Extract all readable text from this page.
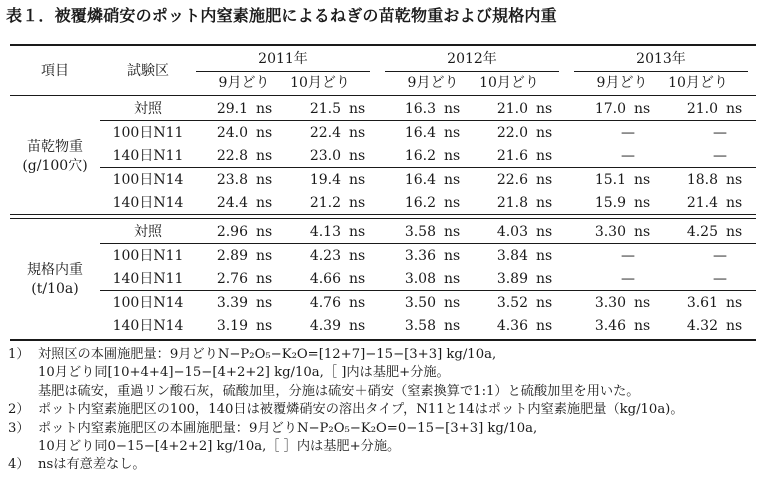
表１．被覆燐硝安のポット内窒素施肥によるねぎの苗乾物重および規格内重
項目	試験区
2011年	2012年	2013年
9月どり	10月どり	9月どり	10月どり	9月どり	10月どり
苗乾物重
(g/100穴)
対照	29.1 ns	21.5 ns	16.3 ns	21.0 ns	17.0 ns	21.0 ns
100日N11	24.0 ns	22.4 ns	16.4 ns	22.0 ns	—	—
140日N11	22.8 ns	23.0 ns	16.2 ns	21.6 ns	—	—
100日N14	23.8 ns	19.4 ns	16.4 ns	22.6 ns	15.1 ns	18.8 ns
140日N14	24.4 ns	21.2 ns	16.2 ns	21.8 ns	15.9 ns	21.4 ns
規格内重
(t/10a)
対照	2.96 ns	4.13 ns	3.58 ns	4.03 ns	3.30 ns	4.25 ns
100日N11	2.89 ns	4.23 ns	3.36 ns	3.84 ns	—	—
140日N11	2.76 ns	4.66 ns	3.08 ns	3.89 ns	—	—
100日N14	3.39 ns	4.76 ns	3.50 ns	3.52 ns	3.30 ns	3.61 ns
140日N14	3.19 ns	4.39 ns	3.58 ns	4.36 ns	3.46 ns	4.32 ns
1） 対照区の本圃施肥量：9月どりN−P₂O₅−K₂O=[12+7]−15−[3+3] kg/10a,
10月どり同[10+4+4]−15−[4+2+2] kg/10a,［ ]内は基肥+分施。
基肥は硫安，重過リン酸石灰，硫酸加里，分施は硫安＋硝安（窒素換算で1:1）と硫酸加里を用いた。
2） ポット内窒素施肥区の100，140日は被覆燐硝安の溶出タイプ，N11と14はポット内窒素施肥量（kg/10a)。
3） ポット内窒素施肥区の本圃施肥量：9月どりN−P₂O₅−K₂O=0−15−[3+3] kg/10a,
10月どり同0−15−[4+2+2] kg/10a,［ ］内は基肥+分施。
4） nsは有意差なし。
